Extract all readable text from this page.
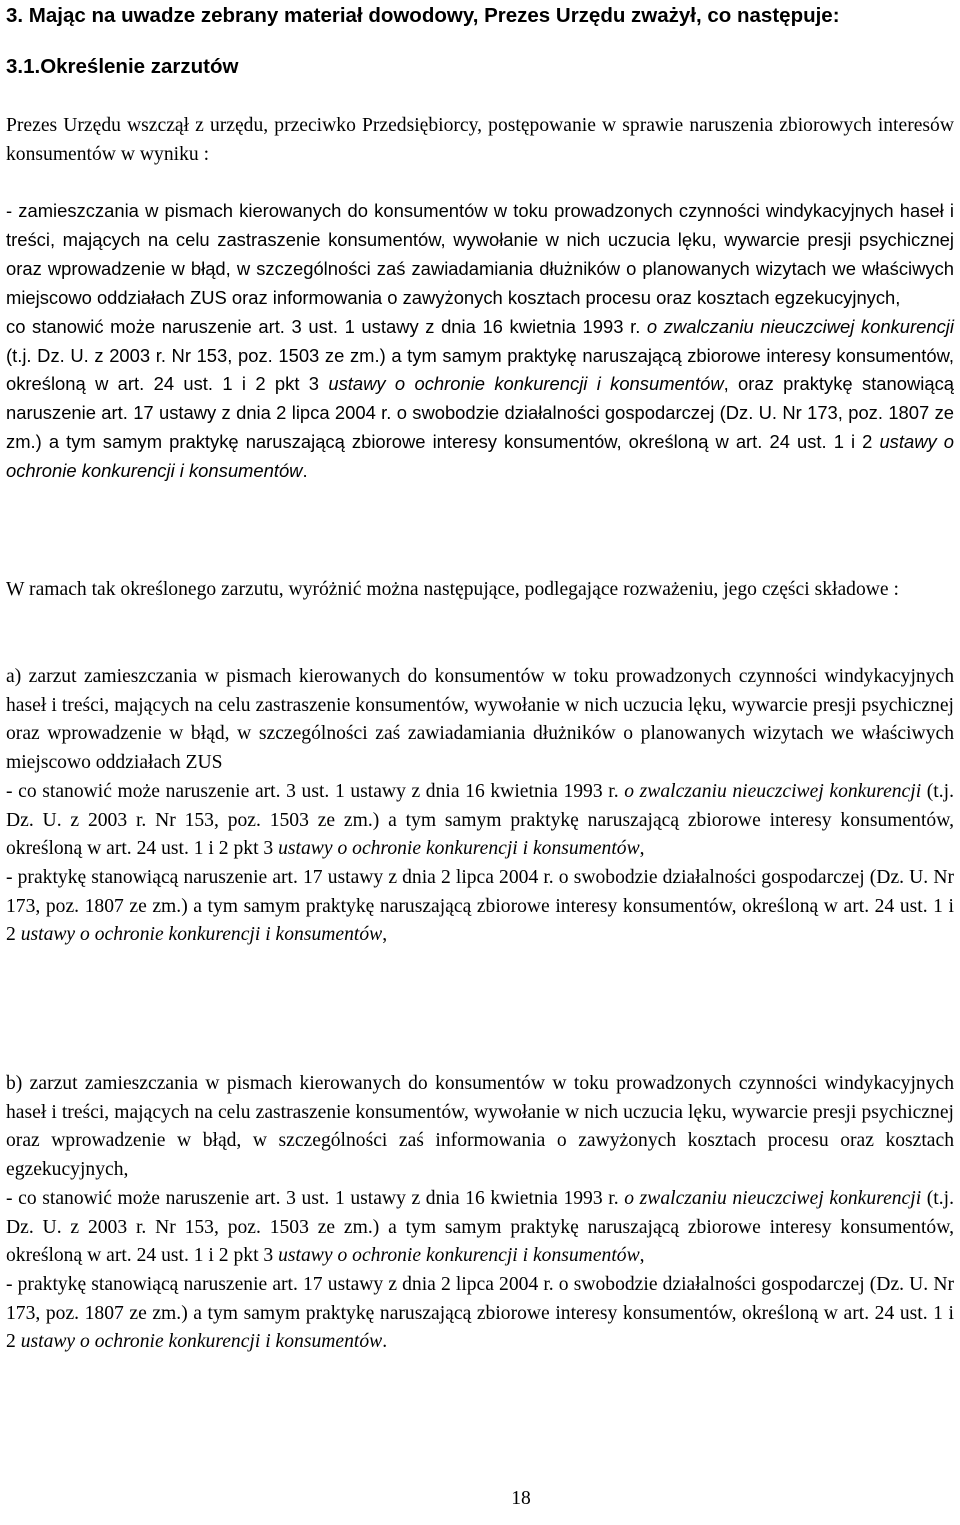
3. Mając na uwadze zebrany materiał dowodowy, Prezes Urzędu zważył, co następuje:
3.1.Określenie zarzutów

Prezes Urzędu wszczął z urzędu, przeciwko Przedsiębiorcy, postępowanie w sprawie naruszenia zbiorowych interesów konsumentów w wyniku :

- zamieszczania w pismach kierowanych do konsumentów w toku prowadzonych czynności windykacyjnych haseł i treści, mających na celu zastraszenie konsumentów, wywołanie w nich uczucia lęku, wywarcie presji psychicznej oraz wprowadzenie w błąd, w szczególności zaś zawiadamiania dłużników o planowanych wizytach we właściwych miejscowo oddziałach ZUS oraz informowania o zawyżonych kosztach procesu oraz kosztach egzekucyjnych,
co stanowić może naruszenie art. 3 ust. 1 ustawy z dnia 16 kwietnia 1993 r. o zwalczaniu nieuczciwej konkurencji (t.j. Dz. U. z 2003 r. Nr 153, poz. 1503 ze zm.) a tym samym praktykę naruszającą zbiorowe interesy konsumentów, określoną w art. 24 ust. 1 i 2 pkt 3 ustawy o ochronie konkurencji i konsumentów, oraz praktykę stanowiącą naruszenie art. 17 ustawy z dnia 2 lipca 2004 r. o swobodzie działalności gospodarczej (Dz. U. Nr 173, poz. 1807 ze zm.) a tym samym praktykę naruszającą zbiorowe interesy konsumentów, określoną w art. 24 ust. 1 i 2 ustawy o ochronie konkurencji i konsumentów.

W ramach tak określonego zarzutu, wyróżnić można następujące, podlegające rozważeniu, jego części składowe :

a) zarzut zamieszczania w pismach kierowanych do konsumentów w toku prowadzonych czynności windykacyjnych haseł i treści, mających na celu zastraszenie konsumentów, wywołanie w nich uczucia lęku, wywarcie presji psychicznej oraz wprowadzenie w błąd, w szczególności zaś zawiadamiania dłużników o planowanych wizytach we właściwych miejscowo oddziałach ZUS
- co stanowić może naruszenie art. 3 ust. 1 ustawy z dnia 16 kwietnia 1993 r. o zwalczaniu nieuczciwej konkurencji (t.j. Dz. U. z 2003 r. Nr 153, poz. 1503 ze zm.) a tym samym praktykę naruszającą zbiorowe interesy konsumentów, określoną w art. 24 ust. 1 i 2 pkt 3 ustawy o ochronie konkurencji i konsumentów,
- praktykę stanowiącą naruszenie art. 17 ustawy z dnia 2 lipca 2004 r. o swobodzie działalności gospodarczej (Dz. U. Nr 173, poz. 1807 ze zm.) a tym samym praktykę naruszającą zbiorowe interesy konsumentów, określoną w art. 24 ust. 1 i 2 ustawy o ochronie konkurencji i konsumentów,

b) zarzut zamieszczania w pismach kierowanych do konsumentów w toku prowadzonych czynności windykacyjnych haseł i treści, mających na celu zastraszenie konsumentów, wywołanie w nich uczucia lęku, wywarcie presji psychicznej oraz wprowadzenie w błąd, w szczególności zaś informowania o zawyżonych kosztach procesu oraz kosztach egzekucyjnych,
- co stanowić może naruszenie art. 3 ust. 1 ustawy z dnia 16 kwietnia 1993 r. o zwalczaniu nieuczciwej konkurencji (t.j. Dz. U. z 2003 r. Nr 153, poz. 1503 ze zm.) a tym samym praktykę naruszającą zbiorowe interesy konsumentów, określoną w art. 24 ust. 1 i 2 pkt 3 ustawy o ochronie konkurencji i konsumentów,
- praktykę stanowiącą naruszenie art. 17 ustawy z dnia 2 lipca 2004 r. o swobodzie działalności gospodarczej (Dz. U. Nr 173, poz. 1807 ze zm.) a tym samym praktykę naruszającą zbiorowe interesy konsumentów, określoną w art. 24 ust. 1 i 2 ustawy o ochronie konkurencji i konsumentów.

18
